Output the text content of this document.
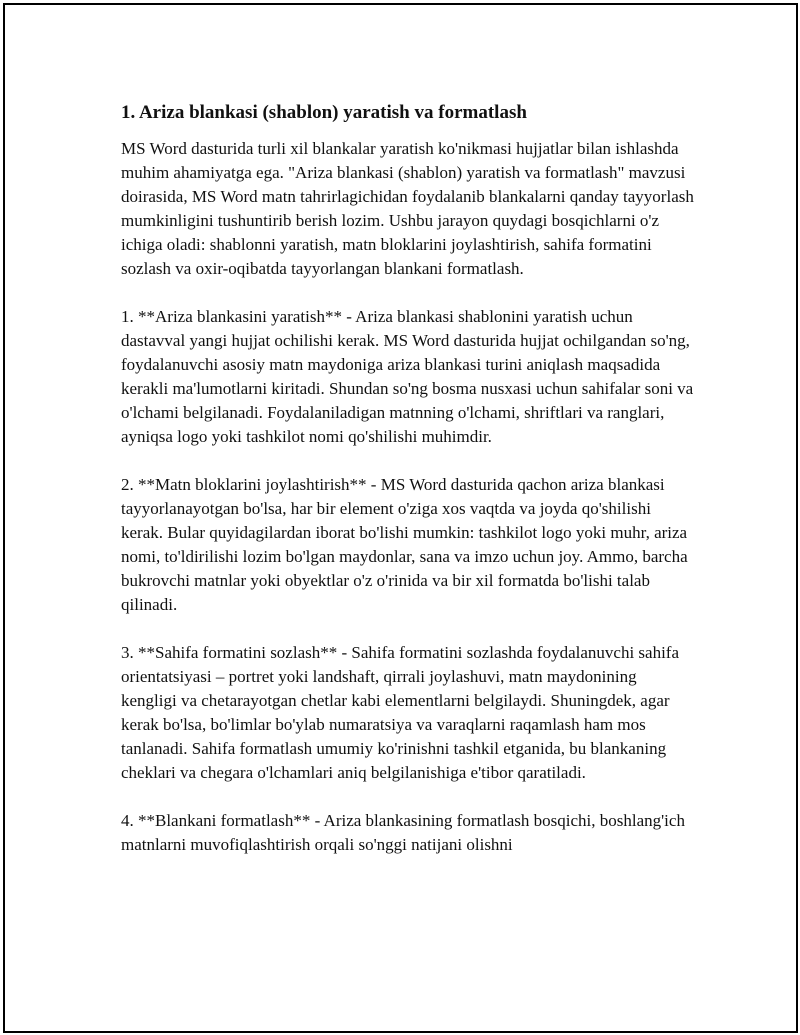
1. Ariza blankasi (shablon) yaratish va formatlash

MS Word dasturida turli xil blankalar yaratish ko'nikmasi hujjatlar bilan ishlashda muhim ahamiyatga ega. "Ariza blankasi (shablon) yaratish va formatlash" mavzusi doirasida, MS Word matn tahrirlagichidan foydalanib blankalarni qanday tayyorlash mumkinligini tushuntirib berish lozim. Ushbu jarayon quydagi bosqichlarni o'z ichiga oladi: shablonni yaratish, matn bloklarini joylashtirish, sahifa formatini sozlash va oxir-oqibatda tayyorlangan blankani formatlash.

1. **Ariza blankasini yaratish** - Ariza blankasi shablonini yaratish uchun dastavval yangi hujjat ochilishi kerak. MS Word dasturida hujjat ochilgandan so'ng, foydalanuvchi asosiy matn maydoniga ariza blankasi turini aniqlash maqsadida kerakli ma'lumotlarni kiritadi. Shundan so'ng bosma nusxasi uchun sahifalar soni va o'lchami belgilanadi. Foydalaniladigan matnning o'lchami, shriftlari va ranglari, ayniqsa logo yoki tashkilot nomi qo'shilishi muhimdir.

2. **Matn bloklarini joylashtirish** - MS Word dasturida qachon ariza blankasi tayyorlanayotgan bo'lsa, har bir element o'ziga xos vaqtda va joyda qo'shilishi kerak. Bular quyidagilardan iborat bo'lishi mumkin: tashkilot logo yoki muhr, ariza nomi, to'ldirilishi lozim bo'lgan maydonlar, sana va imzo uchun joy. Ammo, barcha bukrovchi matnlar yoki obyektlar o'z o'rinida va bir xil formatda bo'lishi talab qilinadi.

3. **Sahifa formatini sozlash** - Sahifa formatini sozlashda foydalanuvchi sahifa orientatsiyasi – portret yoki landshaft, qirrali joylashuvi, matn maydonining kengligi va chetarayotgan chetlar kabi elementlarni belgilaydi. Shuningdek, agar kerak bo'lsa, bo'limlar bo'ylab numaratsiya va varaqlarni raqamlash ham mos tanlanadi. Sahifa formatlash umumiy ko'rinishni tashkil etganida, bu blankaning cheklari va chegara o'lchamlari aniq belgilanishiga e'tibor qaratiladi.

4. **Blankani formatlash** - Ariza blankasining formatlash bosqichi, boshlang'ich matnlarni muvofiqlashtirish orqali so'nggi natijani olishni
